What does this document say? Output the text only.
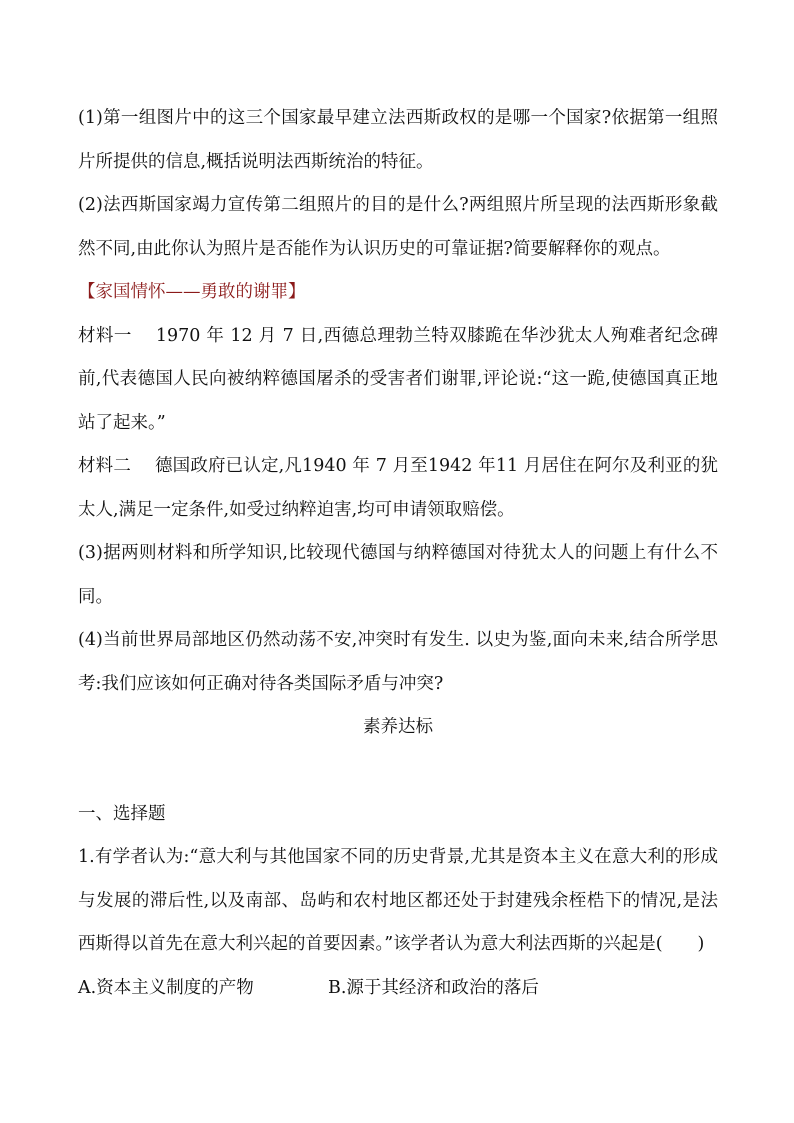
(1)第一组图片中的这三个国家最早建立法西斯政权的是哪一个国家?依据第一组照片所提供的信息,概括说明法西斯统治的特征。

(2)法西斯国家竭力宣传第二组照片的目的是什么?两组照片所呈现的法西斯形象截然不同,由此你认为照片是否能作为认识历史的可靠证据?简要解释你的观点。

【家国情怀——勇敢的谢罪】

材料一 1970 年 12 月 7 日,西德总理勃兰特双膝跪在华沙犹太人殉难者纪念碑前,代表德国人民向被纳粹德国屠杀的受害者们谢罪,评论说:“这一跪,使德国真正地站了起来。”

材料二 德国政府已认定,凡1940 年 7 月至1942 年11 月居住在阿尔及利亚的犹太人,满足一定条件,如受过纳粹迫害,均可申请领取赔偿。

(3)据两则材料和所学知识,比较现代德国与纳粹德国对待犹太人的问题上有什么不同。

(4)当前世界局部地区仍然动荡不安,冲突时有发生. 以史为鉴,面向未来,结合所学思考:我们应该如何正确对待各类国际矛盾与冲突?

素养达标

一、选择题

1.有学者认为:“意大利与其他国家不同的历史背景,尤其是资本主义在意大利的形成与发展的滞后性,以及南部、岛屿和农村地区都还处于封建残余桎梏下的情况,是法西斯得以首先在意大利兴起的首要因素。”该学者认为意大利法西斯的兴起是(　　)

A.资本主义制度的产物	B.源于其经济和政治的落后
